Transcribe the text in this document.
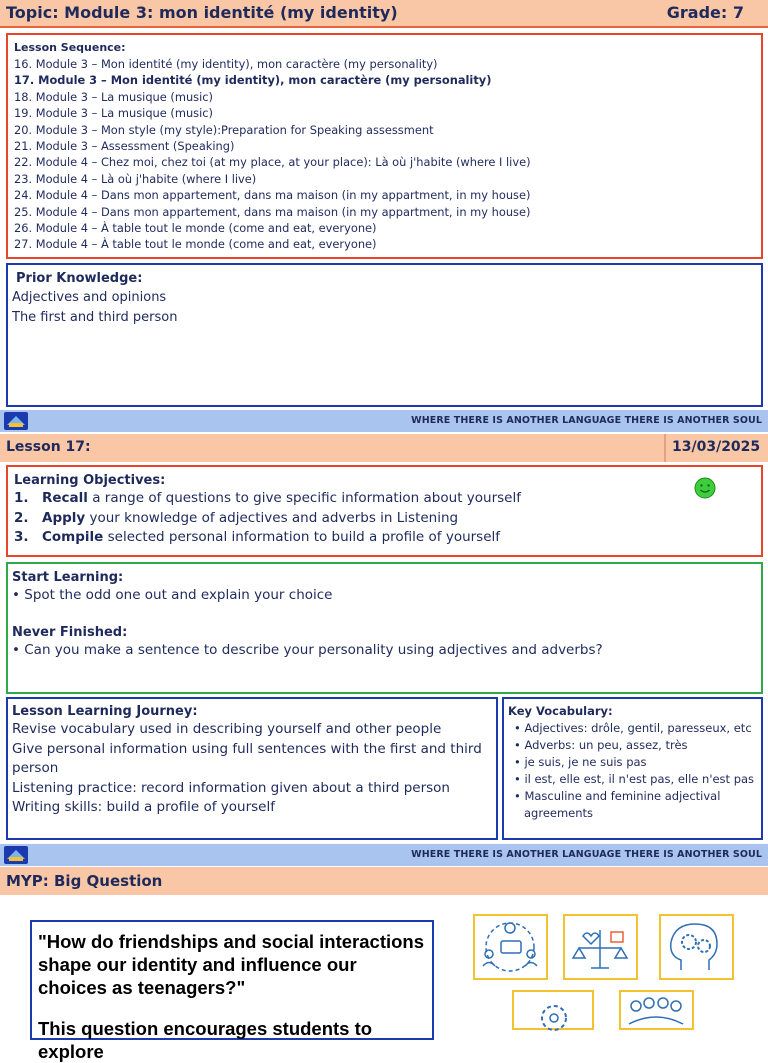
Topic: Module 3: mon identité (my identity)	Grade: 7
Lesson Sequence:
16. Module 3 – Mon identité (my identity), mon caractère (my personality)
17. Module 3 – Mon identité (my identity), mon caractère (my personality)
18. Module 3 – La musique (music)
19. Module 3 – La musique (music)
20. Module 3 – Mon style (my style):Preparation for Speaking assessment
21. Module 3 – Assessment (Speaking)
22. Module 4 – Chez moi, chez toi (at my place, at your place): Là où j'habite (where I live)
23. Module 4 – Là où j'habite (where I live)
24. Module 4 – Dans mon appartement, dans ma maison (in my appartment, in my house)
25. Module 4 – Dans mon appartement, dans ma maison (in my appartment, in my house)
26. Module 4 – À table tout le monde (come and eat, everyone)
27. Module 4 – À table tout le monde (come and eat, everyone)
Prior Knowledge:
Adjectives and opinions
The first and third person
WHERE THERE IS ANOTHER LANGUAGE THERE IS ANOTHER SOUL
Lesson 17:	13/03/2025
Learning Objectives:
1. Recall a range of questions to give specific information about yourself
2. Apply your knowledge of adjectives and adverbs in Listening
3. Compile selected personal information to build a profile of yourself
Start Learning:
• Spot the odd one out and explain your choice
Never Finished:
• Can you make a sentence to describe your personality using adjectives and adverbs?
Lesson Learning Journey:
Revise vocabulary used in describing yourself and other people
Give personal information using full sentences with the first and third person
Listening practice: record information given about a third person
Writing skills: build a profile of yourself
Key Vocabulary:
• Adjectives: drôle, gentil, paresseux, etc
• Adverbs: un peu, assez, très
• je suis, je ne suis pas
• il est, elle est, il n'est pas, elle n'est pas
• Masculine and feminine adjectival agreements
WHERE THERE IS ANOTHER LANGUAGE THERE IS ANOTHER SOUL
MYP: Big Question
"How do friendships and social interactions shape our identity and influence our choices as teenagers?"
This question encourages students to explore
